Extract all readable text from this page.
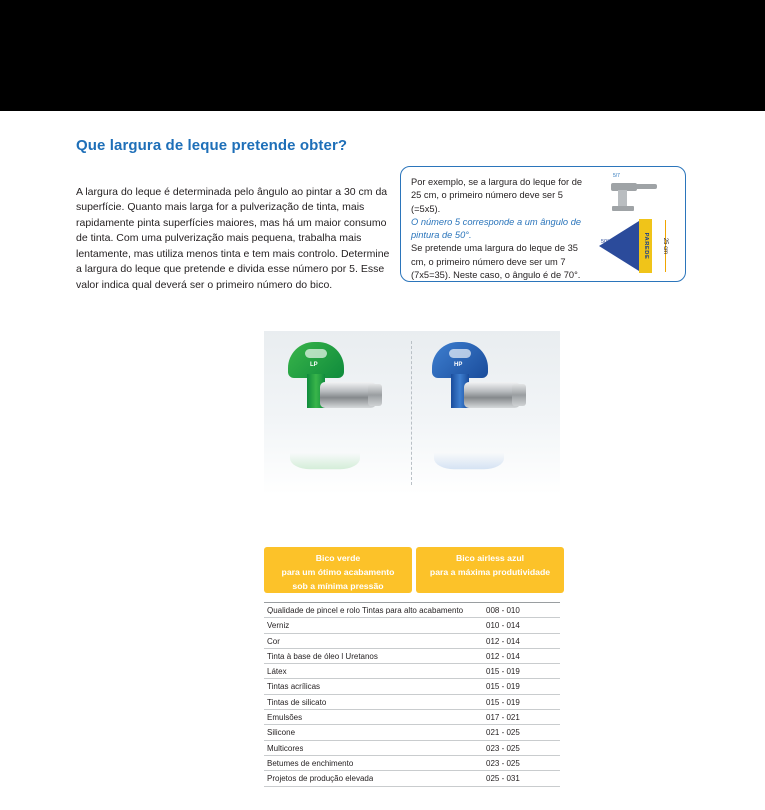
Que largura de leque pretende obter?

A largura do leque é determinada pelo ângulo ao pintar a 30 cm da superfície. Quanto mais larga for a pulverização de tinta, mais rapidamente pinta superfícies maiores, mas há um maior consumo de tinta. Com uma pulverização mais pequena, trabalha mais lentamente, mas utiliza menos tinta e tem mais controlo. Determine a largura do leque que pretende e divida esse número por 5. Esse valor indica qual deverá ser o primeiro número do bico.

Por exemplo, se a largura do leque for de 25 cm, o primeiro número deve ser 5 (=5x5).
O número 5 corresponde a um ângulo de pintura de 50°.
Se pretende uma largura do leque de 35 cm, o primeiro número deve ser um 7 (7x5=35). Neste caso, o ângulo é de 70°.
5/7
50°	PAREDE	25 cm
LP	HP
Bico verde
para um ótimo acabamento
sob a mínima pressão
Bico airless azul
para a máxima produtividade
Qualidade de pincel e rolo Tintas para alto acabamento	008 - 010
Verniz	010 - 014
Cor	012 - 014
Tinta à base de óleo l Uretanos	012 - 014
Látex	015 - 019
Tintas acrílicas	015 - 019
Tintas de silicato	015 - 019
Emulsões	017 - 021
Silicone	021 - 025
Multicores	023 - 025
Betumes de enchimento	023 - 025
Projetos de produção elevada	025 - 031
